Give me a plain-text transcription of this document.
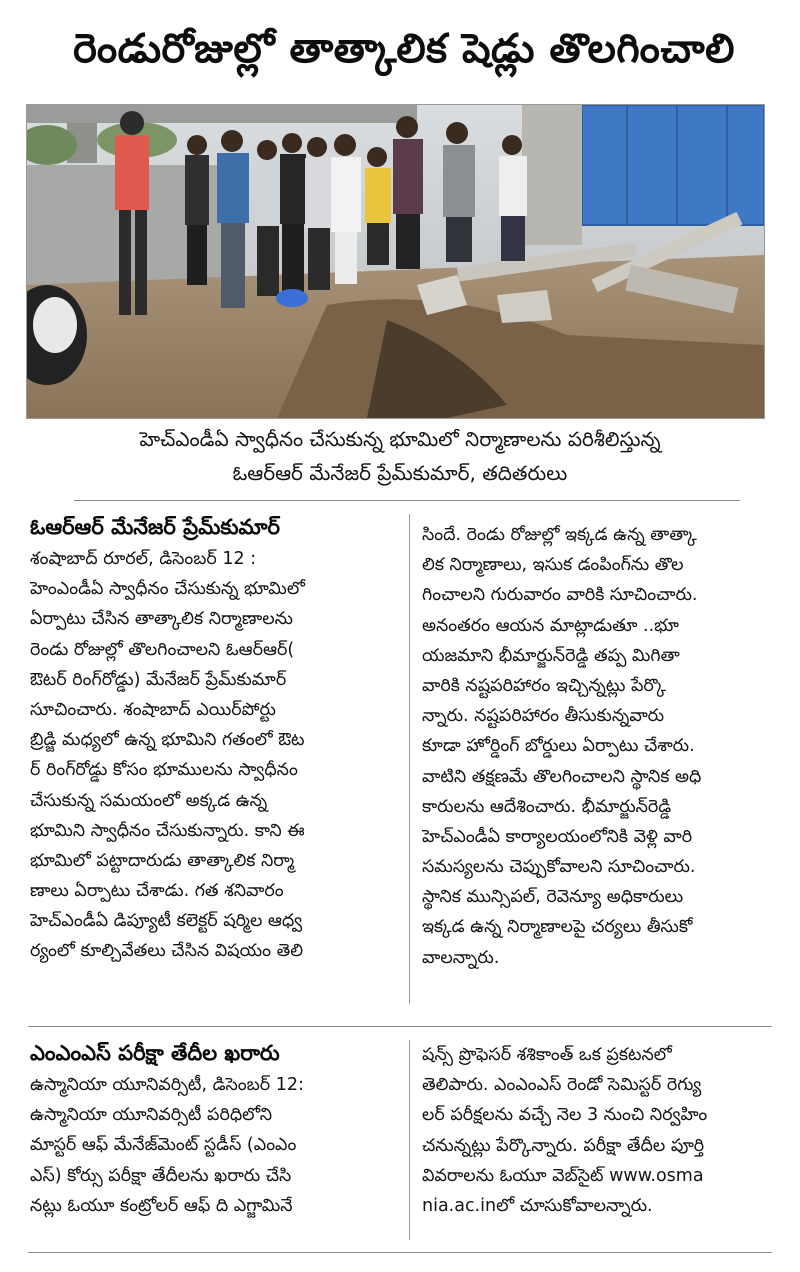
రెండురోజుల్లో తాత్కాలిక షెడ్లు తొలగించాలి
హెచ్‌ఎండీఏ స్వాధీనం చేసుకున్న భూమిలో నిర్మాణాలను పరిశీలిస్తున్న
ఓఆర్‌ఆర్ మేనేజర్ ప్రేమ్‌కుమార్, తదితరులు
ఓఆర్‌ఆర్ మేనేజర్ ప్రేమ్‌కుమార్
శంషాబాద్ రూరల్, డిసెంబర్ 12 :
హెంఎండీఏ స్వాధీనం చేసుకున్న భూమిలో
ఏర్పాటు చేసిన తాత్కాలిక నిర్మాణాలను
రెండు రోజుల్లో తొలగించాలని ఓఆర్‌ఆర్(
ఔటర్ రింగ్‌రోడ్డు) మేనేజర్ ప్రేమ్‌కుమార్
సూచించారు. శంషాబాద్ ఎయిర్‌పోర్టు
బ్రిడ్జి మధ్యలో ఉన్న భూమిని గతంలో ఔట
ర్ రింగ్‌రోడ్డు కోసం భూములను స్వాధీనం
చేసుకున్న సమయంలో అక్కడ ఉన్న
భూమిని స్వాధీనం చేసుకున్నారు. కాని ఈ
భూమిలో పట్టాదారుడు తాత్కాలిక నిర్మా
ణాలు ఏర్పాటు చేశాడు. గత శనివారం
హెచ్‌ఎండీఏ డిప్యూటీ కలెక్టర్ షర్మిల ఆధ్వ
ర్యంలో కూల్చివేతలు చేసిన విషయం తెలి
సిందే. రెండు రోజుల్లో ఇక్కడ ఉన్న తాత్కా
లిక నిర్మాణాలు, ఇసుక డంపింగ్‌ను తొల
గించాలని గురువారం వారికి సూచించారు.
అనంతరం ఆయన మాట్లాడుతూ ..భూ
యజమాని భీమార్జున్‌రెడ్డి తప్ప మిగితా
వారికి నష్టపరిహారం ఇచ్చిన్నట్లు పేర్కొ
న్నారు. నష్టపరిహారం తీసుకున్నవారు
కూడా హోర్డింగ్ బోర్డులు ఏర్పాటు చేశారు.
వాటిని తక్షణమే తొలగించాలని స్థానిక అధి
కారులను ఆదేశించారు. భీమార్జున్‌రెడ్డి
హెచ్‌ఎండీఏ కార్యాలయంలోనికి వెళ్లి వారి
సమస్యలను చెప్పుకోవాలని సూచించారు.
స్థానిక మున్సిపల్, రెవెన్యూ అధికారులు
ఇక్కడ ఉన్న నిర్మాణాలపై చర్యలు తీసుకో
వాలన్నారు.
ఎంఎంఎస్ పరీక్షా తేదీల ఖరారు
ఉస్మానియా యూనివర్సిటీ, డిసెంబర్ 12:
ఉస్మానియా యూనివర్సిటీ పరిధిలోని
మాస్టర్ ఆఫ్ మేనేజ్‌మెంట్ స్టడీస్ (ఎంఎం
ఎస్) కోర్సు పరీక్షా తేదీలను ఖరారు చేసి
నట్లు ఓయూ కంట్రోలర్ ఆఫ్ ది ఎగ్జామినే
షన్స్ ప్రొఫెసర్ శశికాంత్ ఒక ప్రకటనలో
తెలిపారు. ఎంఎంఎస్ రెండో సెమిస్టర్ రెగ్యు
లర్ పరీక్షలను వచ్చే నెల 3 నుంచి నిర్వహిం
చనున్నట్లు పేర్కొన్నారు. పరీక్షా తేదీల పూర్తి
వివరాలను ఓయూ వెబ్‌సైట్ www.osma
nia.ac.inలో చూసుకోవాలన్నారు.
